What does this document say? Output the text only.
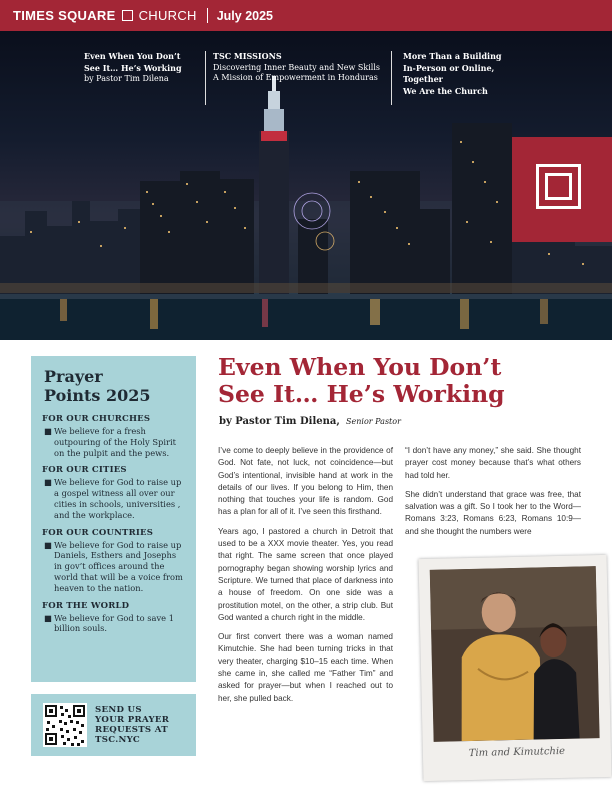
TIMES SQUARE CHURCH July 2025
Even When You Don’t
See It… He’s Working
by Pastor Tim Dilena
TSC MISSIONS
Discovering Inner Beauty and New Skills
A Mission of Empowerment in Honduras
More Than a Building
In-Person or Online, Together
We Are the Church
Prayer
Points 2025
FOR OUR CHURCHES
■ We believe for a fresh outpouring of the Holy Spirit on the pulpit and the pews.
FOR OUR CITIES
■ We believe for God to raise up a gospel witness all over our cities in schools, universities , and the workplace.
FOR OUR COUNTRIES
■ We believe for God to raise up Daniels, Esthers and Josephs in gov’t offices around the world that will be a voice from heaven to the nation.
FOR THE WORLD
■ We believe for God to save 1 billion souls.
SEND US
YOUR PRAYER
REQUESTS AT
TSC.NYC
Even When You Don’t
See It… He’s Working
by Pastor Tim Dilena, Senior Pastor

I’ve come to deeply believe in the providence of God. Not fate, not luck, not coincidence—but God’s intentional, invisible hand at work in the details of our lives. If you belong to Him, then nothing that touches your life is random. God has a plan for all of it. I’ve seen this firsthand.

Years ago, I pastored a church in Detroit that used to be a XXX movie theater. Yes, you read that right. The same screen that once played pornography began showing worship lyrics and Scripture. We turned that place of darkness into a house of freedom. On one side was a prostitution motel, on the other, a strip club. But God wanted a church right in the middle.

Our first convert there was a woman named Kimutchie. She had been turning tricks in that very theater, charging $10–15 each time. When she came in, she called me “Father Tim” and asked for prayer—but when I reached out to her, she pulled back.

“I don’t have any money,” she said. She thought prayer cost money because that’s what others had told her.

She didn’t understand that grace was free, that salvation was a gift. So I took her to the Word—Romans 3:23, Romans 6:23, Romans 10:9—and she thought the numbers were

Tim and Kimutchie
